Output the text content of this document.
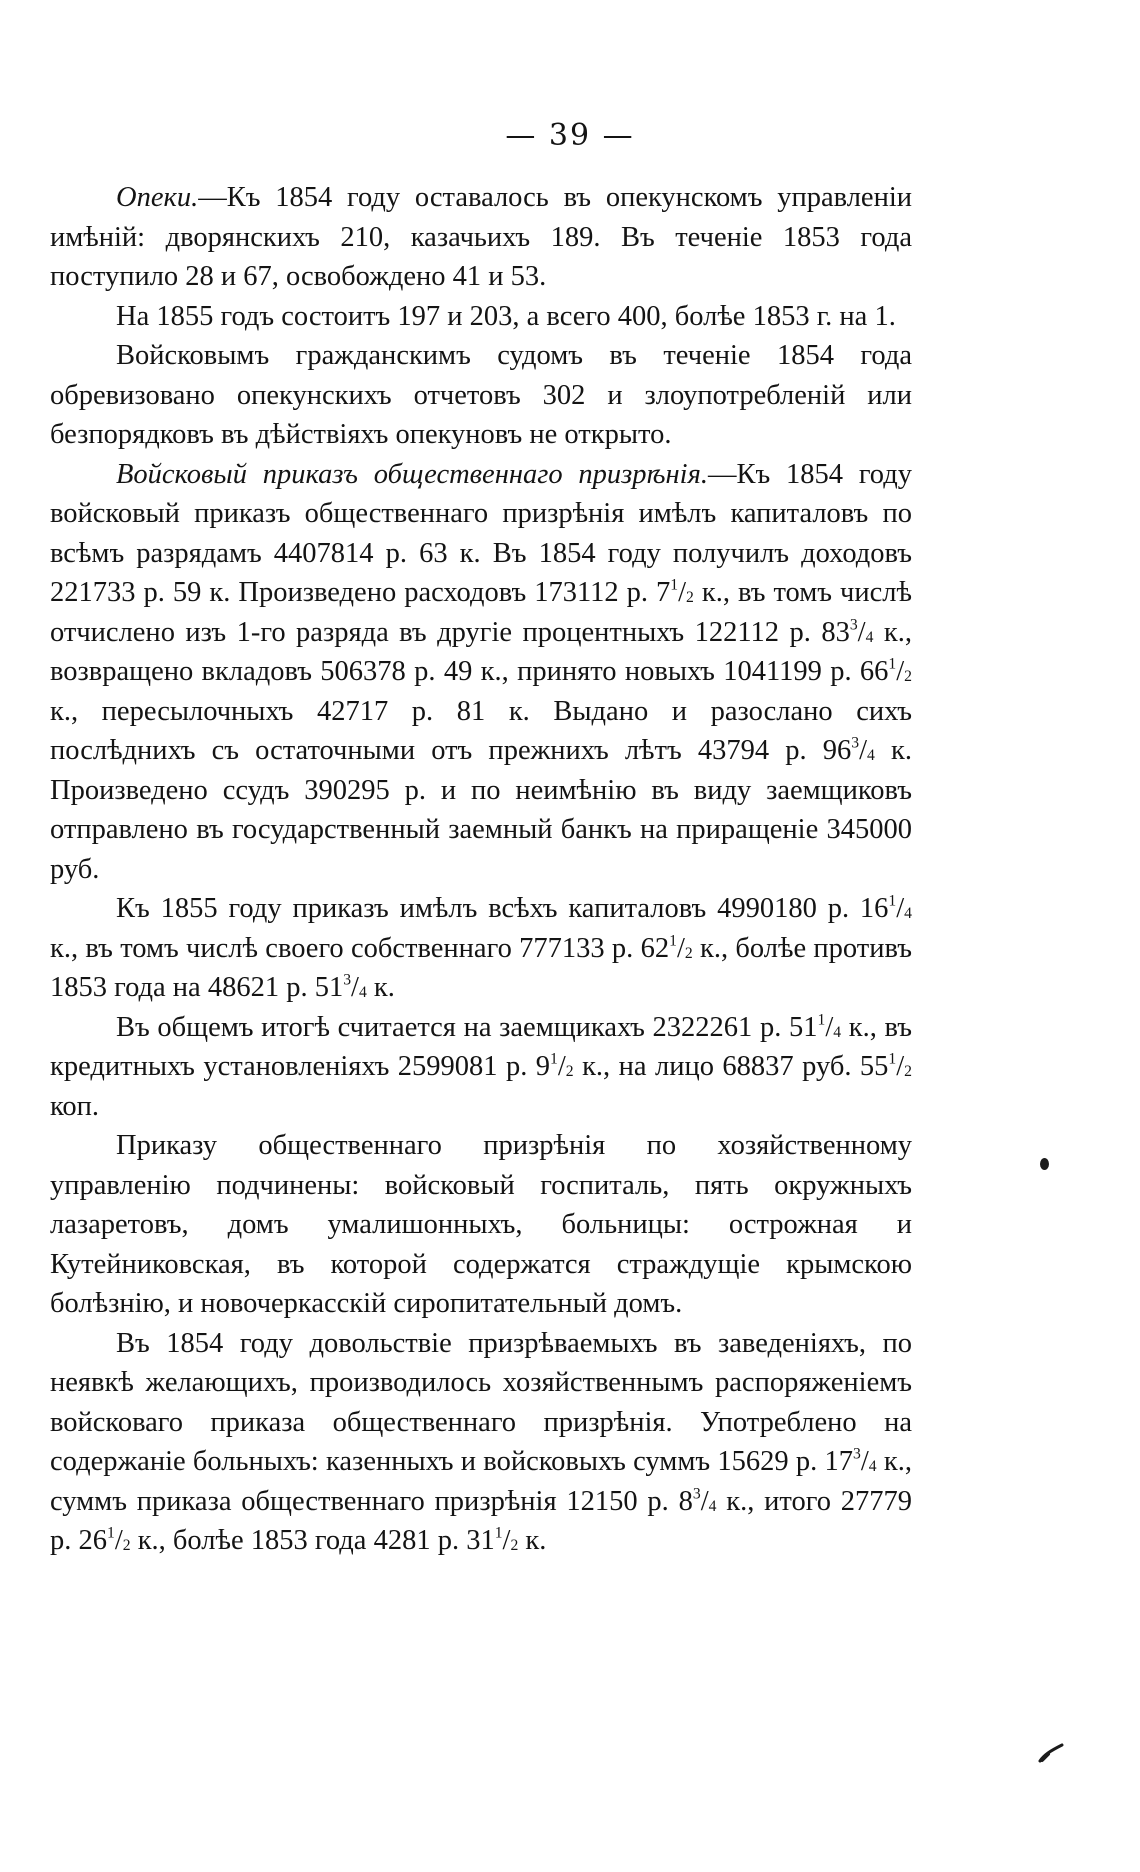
— 39 —

Опеки.—Къ 1854 году оставалось въ опекунскомъ управленіи имѣній: дворянскихъ 210, казачьихъ 189. Въ теченіе 1853 года поступило 28 и 67, освобождено 41 и 53.

На 1855 годъ состоитъ 197 и 203, а всего 400, болѣе 1853 г. на 1.

Войсковымъ гражданскимъ судомъ въ теченіе 1854 года обревизовано опекунскихъ отчетовъ 302 и злоупотребленій или безпорядковъ въ дѣйствіяхъ опекуновъ не открыто.

Войсковый приказъ общественнаго призрѣнія.—Къ 1854 году войсковый приказъ общественнаго призрѣнія имѣлъ капиталовъ по всѣмъ разрядамъ 4407814 р. 63 к. Въ 1854 году получилъ доходовъ 221733 р. 59 к. Произведено расходовъ 173112 р. $7^1/_2$ к., въ томъ числѣ отчислено изъ 1-го разряда въ другіе процентныхъ 122112 р. $83^3/_4$ к., возвращено вкладовъ 506378 р. 49 к., принято новыхъ 1041199 р. $66^1/_2$ к., пересылочныхъ 42717 р. 81 к. Выдано и разослано сихъ послѣднихъ съ остаточными отъ прежнихъ лѣтъ 43794 р. $96^3/_4$ к. Произведено ссудъ 390295 р. и по неимѣнію въ виду заемщиковъ отправлено въ государственный заемный банкъ на приращеніе 345000 руб.

Къ 1855 году приказъ имѣлъ всѣхъ капиталовъ 4990180 р. $16^1/_4$ к., въ томъ числѣ своего собственнаго 777133 р. $62^1/_2$ к., болѣе противъ 1853 года на 48621 р. $51^3/_4$ к.

Въ общемъ итогѣ считается на заемщикахъ 2322261 р. $51^1/_4$ к., въ кредитныхъ установленіяхъ 2599081 р. $9^1/_2$ к., на лицо 68837 руб. $55^1/_2$ коп.

Приказу общественнаго призрѣнія по хозяйственному управленію подчинены: войсковый госпиталь, пять окружныхъ лазаретовъ, домъ умалишонныхъ, больницы: острожная и Кутейниковская, въ которой содержатся страждущіе крымскою болѣзнію, и новочеркасскій сиропитательный домъ.

Въ 1854 году довольствіе призрѣваемыхъ въ заведеніяхъ, по неявкѣ желающихъ, производилось хозяйственнымъ распоряженіемъ войсковаго приказа общественнаго призрѣнія. Употреблено на содержаніе больныхъ: казенныхъ и войсковыхъ суммъ 15629 р. $17^3/_4$ к., суммъ приказа общественнаго призрѣнія 12150 р. $8^3/_4$ к., итого 27779 р. $26^1/_2$ к., болѣе 1853 года 4281 р. $31^1/_2$ к.
